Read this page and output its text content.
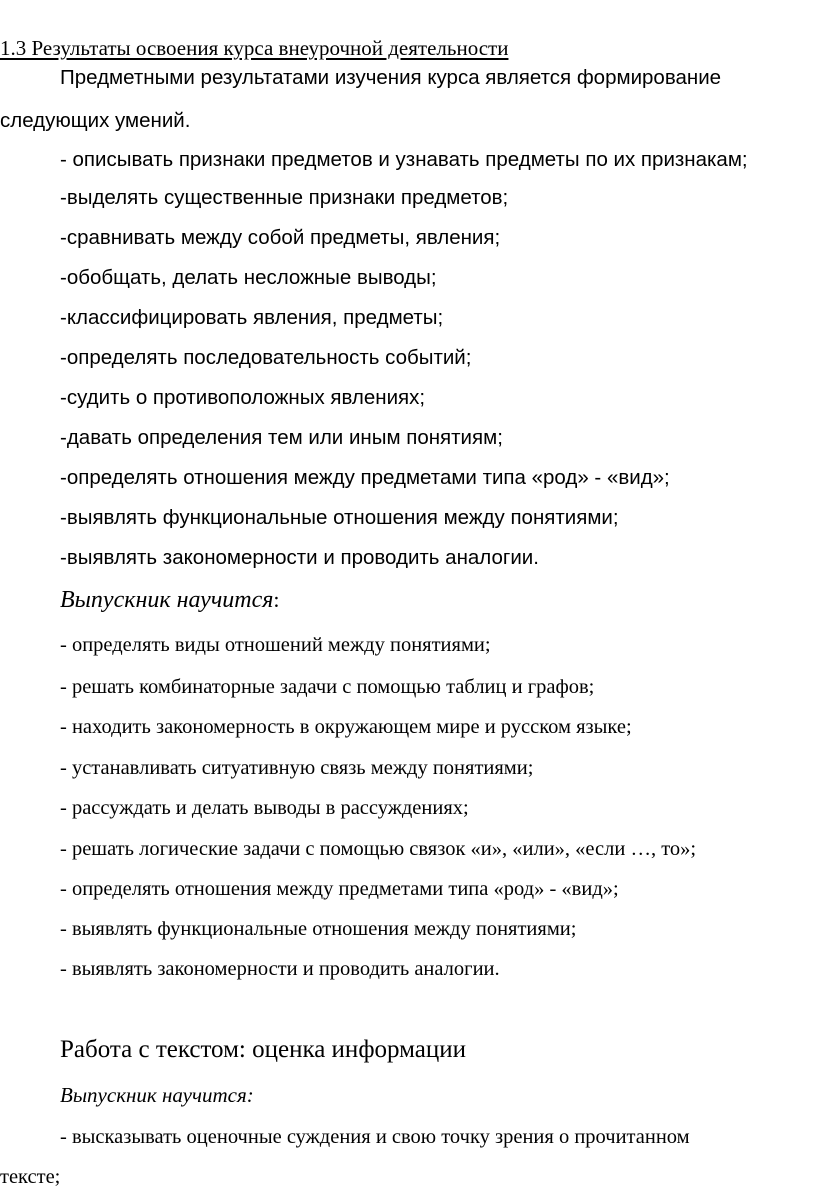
1.3 Результаты освоения курса внеурочной деятельности
Предметными результатами изучения курса является формирование
следующих умений.
- описывать признаки предметов и узнавать предметы по их признакам;
-выделять существенные признаки предметов;
-сравнивать между собой предметы, явления;
-обобщать, делать несложные выводы;
-классифицировать явления, предметы;
-определять последовательность событий;
-судить о противоположных явлениях;
-давать определения тем или иным понятиям;
-определять отношения между предметами типа «род» - «вид»;
-выявлять функциональные отношения между понятиями;
-выявлять закономерности и проводить аналогии.
Выпускник научится:
- определять виды отношений между понятиями;
- решать комбинаторные задачи с помощью таблиц и графов;
- находить закономерность в окружающем мире и русском языке;
- устанавливать ситуативную связь между понятиями;
- рассуждать и делать выводы в рассуждениях;
- решать логические задачи с помощью связок «и», «или», «если …, то»;
- определять отношения между предметами типа «род» - «вид»;
- выявлять функциональные отношения между понятиями;
- выявлять закономерности и проводить аналогии.
Работа с текстом: оценка информации
Выпускник научится:
- высказывать оценочные суждения и свою точку зрения о прочитанном
тексте;
